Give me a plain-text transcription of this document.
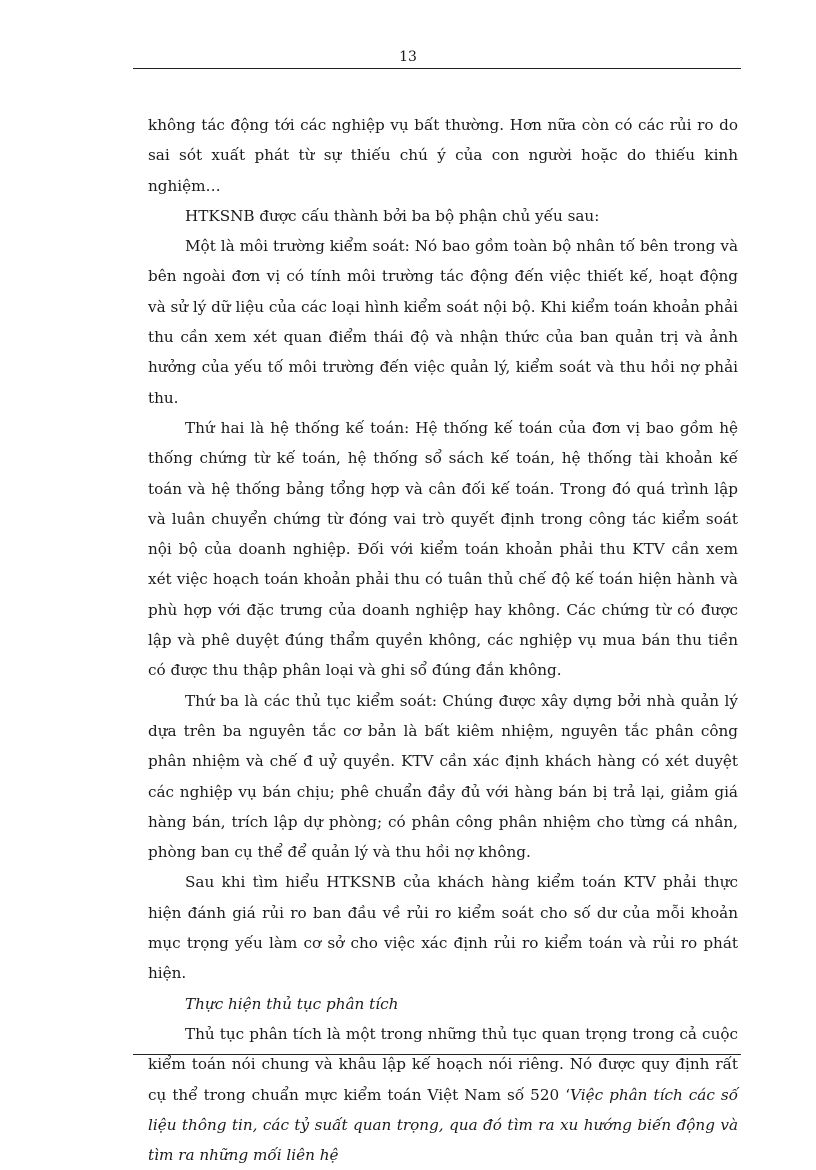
13

không tác động tới các nghiệp vụ bất thường. Hơn nữa còn có các rủi ro do sai sót xuất phát từ sự thiếu chú ý của con người hoặc do thiếu kinh nghiệm…

HTKSNB được cấu thành bởi ba bộ phận chủ yếu sau:

Một là môi trường kiểm soát: Nó bao gồm toàn bộ nhân tố bên trong và bên ngoài đơn vị có tính môi trường tác động đến việc thiết kế, hoạt động và sử lý dữ liệu của các loại hình kiểm soát nội bộ. Khi kiểm toán khoản phải thu cần xem xét quan điểm thái độ và nhận thức của ban quản trị và ảnh hưởng của yếu tố môi trường đến việc quản lý, kiểm soát và thu hồi nợ phải thu.

Thứ hai là hệ thống kế toán: Hệ thống kế toán của đơn vị bao gồm hệ thống chứng từ kế toán, hệ thống sổ sách kế toán, hệ thống tài khoản kế toán và hệ thống bảng tổng hợp và cân đối kế toán. Trong đó quá trình lập và luân chuyển chứng từ đóng vai trò quyết định trong công tác kiểm soát nội bộ của doanh nghiệp. Đối với kiểm toán khoản phải thu KTV cần xem xét việc hoạch toán khoản phải thu có tuân thủ chế độ kế toán hiện hành và phù hợp với đặc trưng của doanh nghiệp hay không. Các chứng từ có được lập và phê duyệt đúng thẩm quyền không, các nghiệp vụ mua bán thu tiền có được thu thập phân loại và ghi sổ đúng đắn không.

Thứ ba là các thủ tục kiểm soát: Chúng được xây dựng bởi nhà quản lý dựa trên ba nguyên tắc cơ bản là bất kiêm nhiệm, nguyên tắc phân công phân nhiệm và chế đ uỷ quyền. KTV cần xác định khách hàng có xét duyệt các nghiệp vụ bán chịu; phê chuẩn đầy đủ với hàng bán bị trả lại, giảm giá hàng bán, trích lập dự phòng; có phân công phân nhiệm cho từng cá nhân, phòng ban cụ thể để quản lý và thu hồi nợ không.

Sau khi tìm hiểu HTKSNB của khách hàng kiểm toán KTV phải thực hiện đánh giá rủi ro ban đầu về rủi ro kiểm soát cho số dư của mỗi khoản mục trọng yếu làm cơ sở cho việc xác định rủi ro kiểm toán và rủi ro phát hiện.

Thực hiện thủ tục phân tích

Thủ tục phân tích là một trong những thủ tục quan trọng trong cả cuộc kiểm toán nói chung và khâu lập kế hoạch nói riêng. Nó được quy định rất cụ thể trong chuẩn mực kiểm toán Việt Nam số 520 ‘Việc phân tích các số liệu thông tin, các tỷ suất quan trọng, qua đó tìm ra xu hướng biến động và tìm ra những mối liên hệ
